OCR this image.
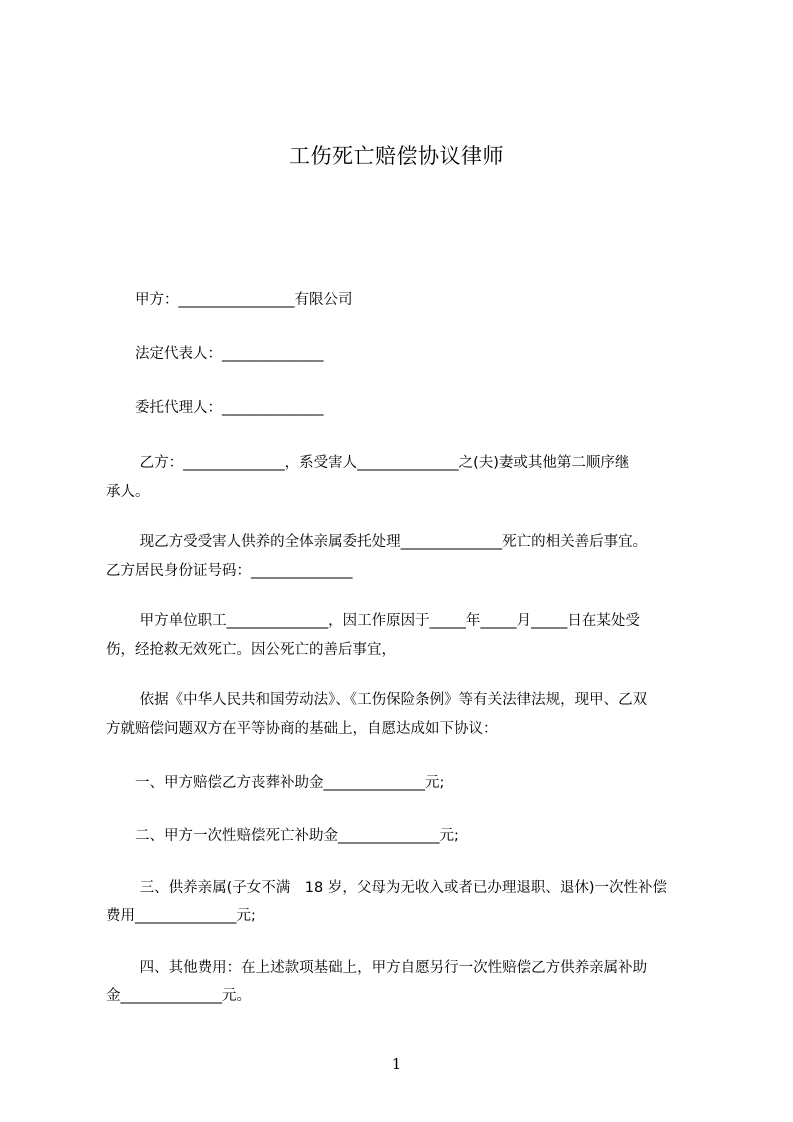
工伤死亡赔偿协议律师
　　甲方：________________有限公司
　　法定代表人：______________
　　委托代理人：______________
　　 乙方：______________，系受害人______________之(夫)妻或其他第二顺序继
承人。
　　 现乙方受受害人供养的全体亲属委托处理______________死亡的相关善后事宜。
乙方居民身份证号码：______________
　　 甲方单位职工______________，因工作原因于_____年_____月_____日在某处受
伤，经抢救无效死亡。因公死亡的善后事宜，
　　 依据《中华人民共和国劳动法》、《工伤保险条例》等有关法律法规，现甲、乙双
方就赔偿问题双方在平等协商的基础上，自愿达成如下协议：
　　一、甲方赔偿乙方丧葬补助金______________元;
　　二、甲方一次性赔偿死亡补助金______________元;
　　 三、供养亲属(子女不满　18 岁，父母为无收入或者已办理退职、退休)一次性补偿
费用______________元;
　　 四、其他费用：在上述款项基础上，甲方自愿另行一次性赔偿乙方供养亲属补助
金______________元。
1
